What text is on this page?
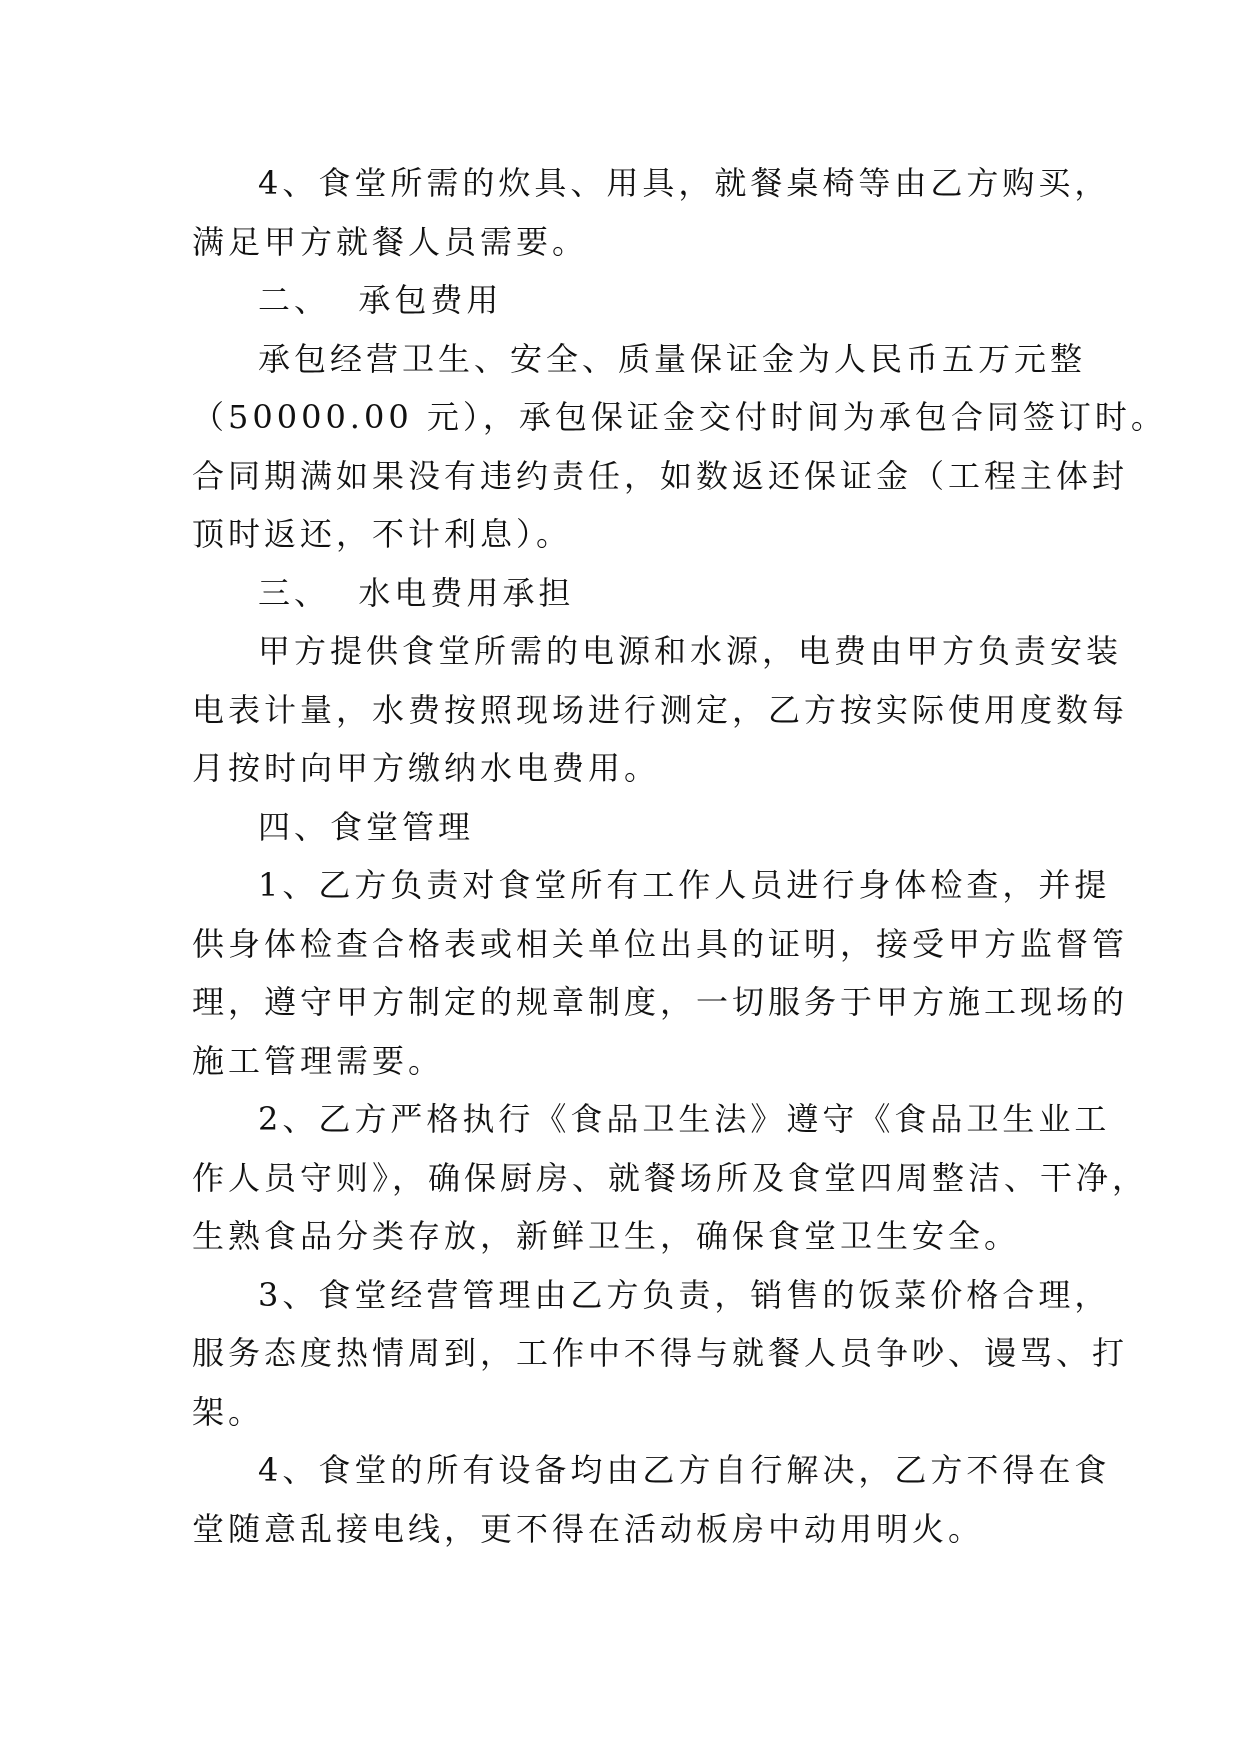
4、食堂所需的炊具、用具，就餐桌椅等由乙方购买，
满足甲方就餐人员需要。
二、  承包费用
承包经营卫生、安全、质量保证金为人民币五万元整
（50000.00 元），承包保证金交付时间为承包合同签订时。
合同期满如果没有违约责任，如数返还保证金（工程主体封
顶时返还，不计利息）。
三、  水电费用承担
甲方提供食堂所需的电源和水源，电费由甲方负责安装
电表计量，水费按照现场进行测定，乙方按实际使用度数每
月按时向甲方缴纳水电费用。
四、食堂管理
1、乙方负责对食堂所有工作人员进行身体检查，并提
供身体检查合格表或相关单位出具的证明，接受甲方监督管
理，遵守甲方制定的规章制度，一切服务于甲方施工现场的
施工管理需要。
2、乙方严格执行《食品卫生法》遵守《食品卫生业工
作人员守则》，确保厨房、就餐场所及食堂四周整洁、干净，
生熟食品分类存放，新鲜卫生，确保食堂卫生安全。
3、食堂经营管理由乙方负责，销售的饭菜价格合理，
服务态度热情周到，工作中不得与就餐人员争吵、谩骂、打
架。
4、食堂的所有设备均由乙方自行解决，乙方不得在食
堂随意乱接电线，更不得在活动板房中动用明火。
